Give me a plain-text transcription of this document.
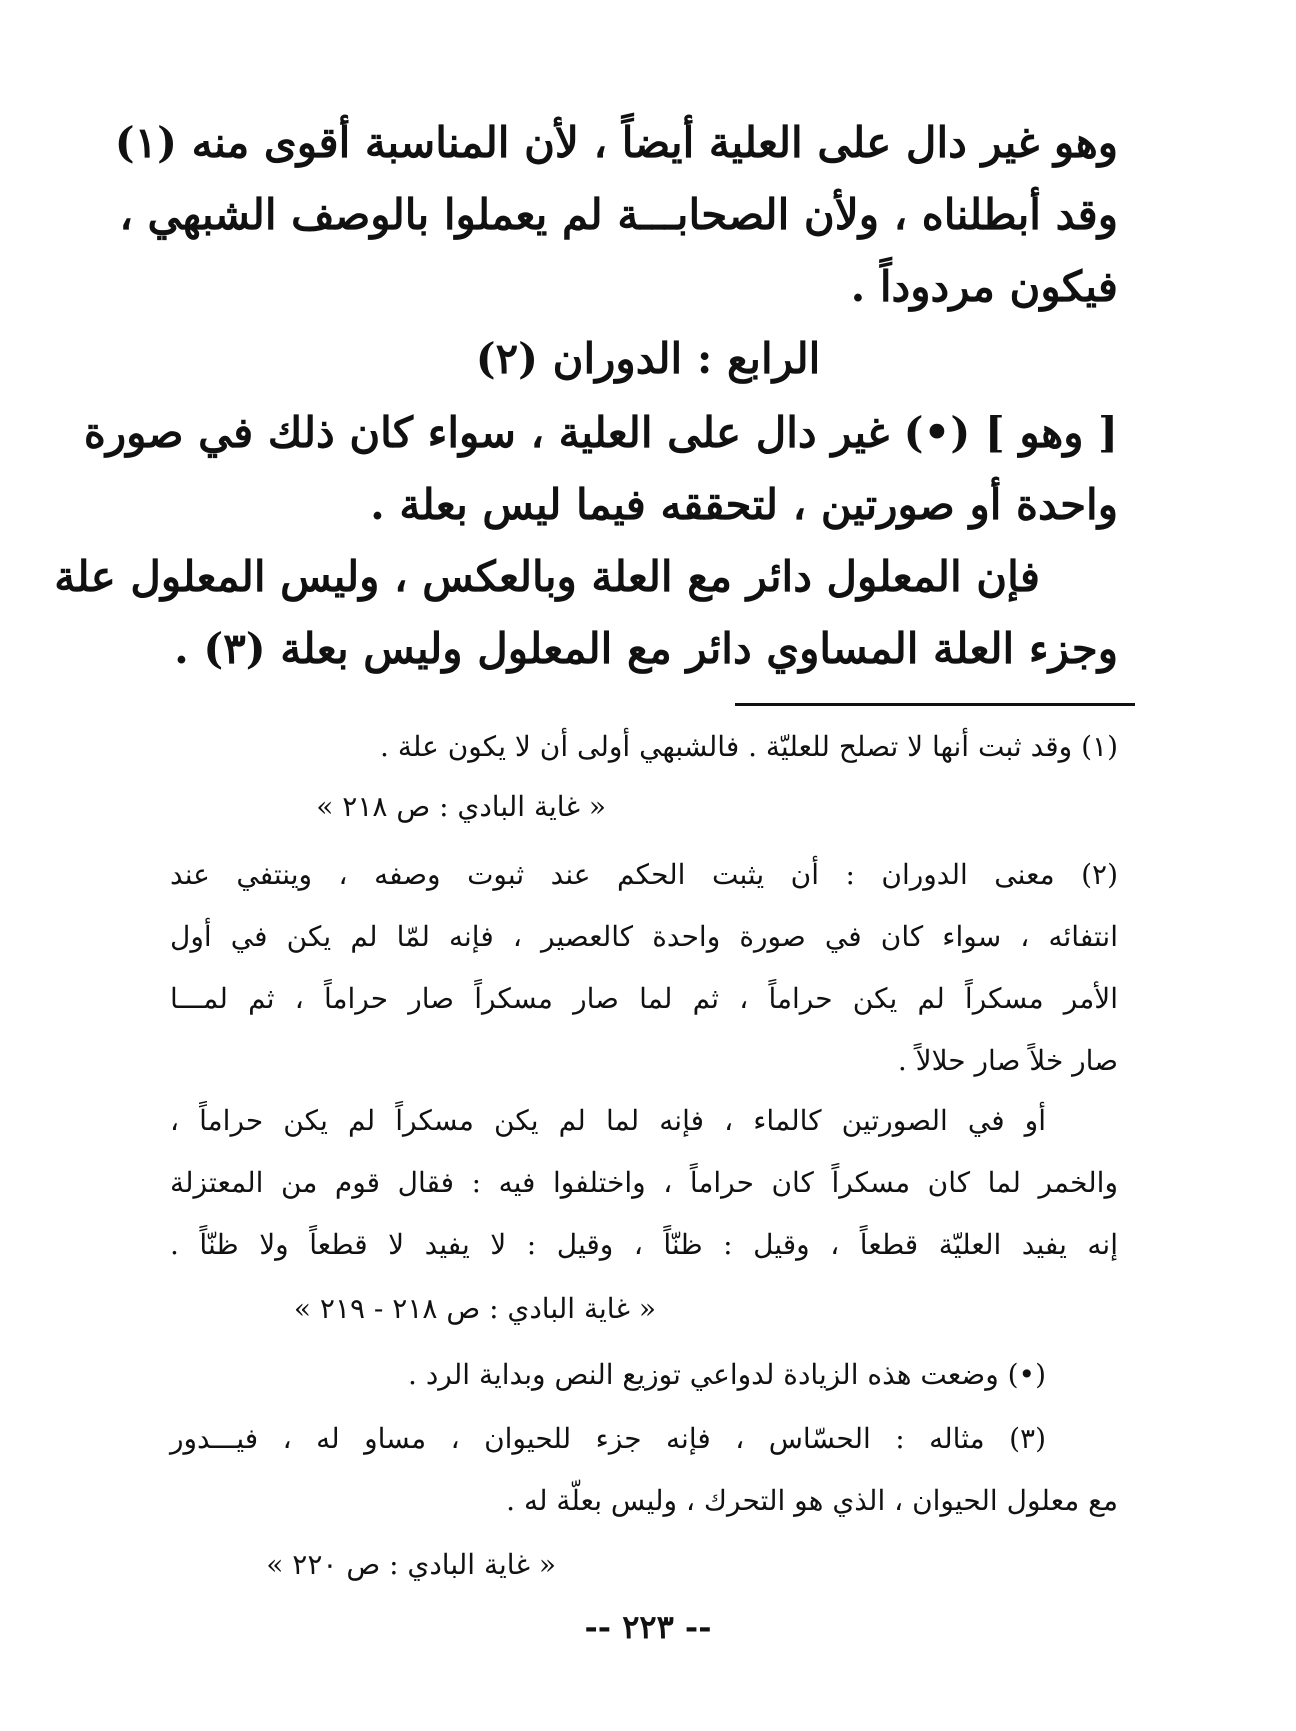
وهو غير دال على العلية أيضاً ، لأن المناسبة أقوى منه (١)
وقد أبطلناه ، ولأن الصحابـــة لم يعملوا بالوصف الشبهي ،
فيكون مردوداً .
الرابع : الدوران (٢)
[ وهو ] (•) غير دال على العلية ، سواء كان ذلك في صورة
واحدة أو صورتين ، لتحققه فيما ليس بعلة .
فإن المعلول دائر مع العلة وبالعكس ، وليس المعلول علة
وجزء العلة المساوي دائر مع المعلول وليس بعلة (٣) .
(١) وقد ثبت أنها لا تصلح للعليّة . فالشبهي أولى أن لا يكون علة .
« غاية البادي : ص ٢١٨ »
(٢) معنى الدوران : أن يثبت الحكم عند ثبوت وصفه ، وينتفي عند
انتفائه ، سواء كان في صورة واحدة كالعصير ، فإنه لمّا لم يكن في أول
الأمر مسكراً لم يكن حراماً ، ثم لما صار مسكراً صار حراماً ، ثم لمـــا
صار خلاً صار حلالاً .
أو في الصورتين كالماء ، فإنه لما لم يكن مسكراً لم يكن حراماً ،
والخمر لما كان مسكراً كان حراماً ، واختلفوا فيه : فقال قوم من المعتزلة
إنه يفيد العليّة قطعاً ، وقيل : ظنّاً ، وقيل : لا يفيد لا قطعاً ولا ظنّاً .
« غاية البادي : ص ٢١٨ - ٢١٩ »
(•) وضعت هذه الزيادة لدواعي توزيع النص وبداية الرد .
(٣) مثاله : الحسّاس ، فإنه جزء للحيوان ، مساو له ، فيـــدور
مع معلول الحيوان ، الذي هو التحرك ، وليس بعلّة له .
« غاية البادي : ص ٢٢٠ »
-- ٢٢٣ --
